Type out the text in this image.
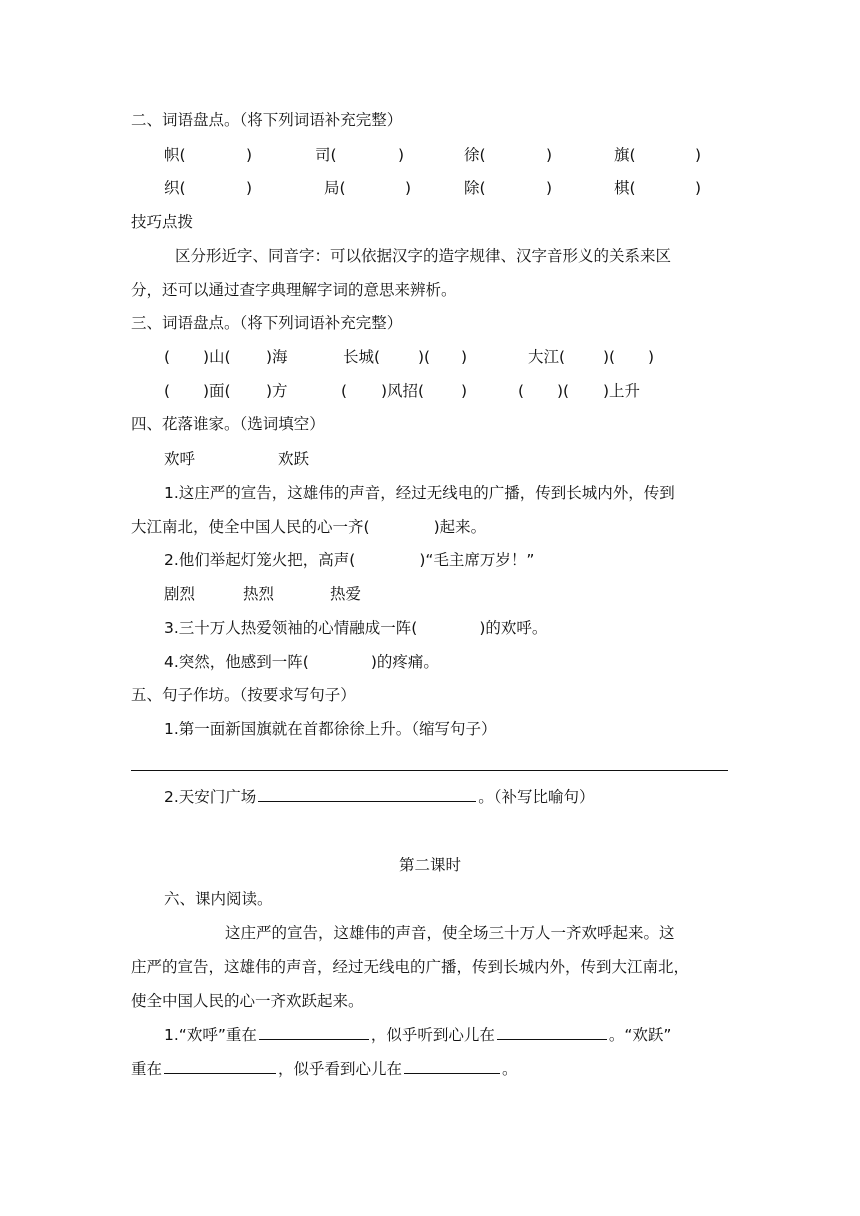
二、词语盘点。（将下列词语补充完整）
帜(	)	司(	)	徐(	)	旗(	)
织(	)	局(	)	除(	)	棋(	)
技巧点拨
区分形近字、同音字：可以依据汉字的造字规律、汉字音形义的关系来区
分，还可以通过查字典理解字词的意思来辨析。
三、词语盘点。（将下列词语补充完整）
( )山( )海	长城( )( )	大江( )( )
( )面( )方	( )风招( )	( )( )上升
四、花落谁家。（选词填空）
欢呼	欢跃
1.这庄严的宣告，这雄伟的声音，经过无线电的广播，传到长城内外，传到
大江南北，使全中国人民的心一齐(	)起来。
2.他们举起灯笼火把，高声(	)“毛主席万岁！”
剧烈	热烈	热爱
3.三十万人热爱领袖的心情融成一阵(	)的欢呼。
4.突然，他感到一阵(	)的疼痛。
五、句子作坊。（按要求写句子）
1.第一面新国旗就在首都徐徐上升。（缩写句子）
2.天安门广场	。（补写比喻句）
第二课时
六、课内阅读。
这庄严的宣告，这雄伟的声音，使全场三十万人一齐欢呼起来。这
庄严的宣告，这雄伟的声音，经过无线电的广播，传到长城内外，传到大江南北，
使全中国人民的心一齐欢跃起来。
1.“欢呼”重在	，似乎听到心儿在	。“欢跃”
重在	，似乎看到心儿在	。
